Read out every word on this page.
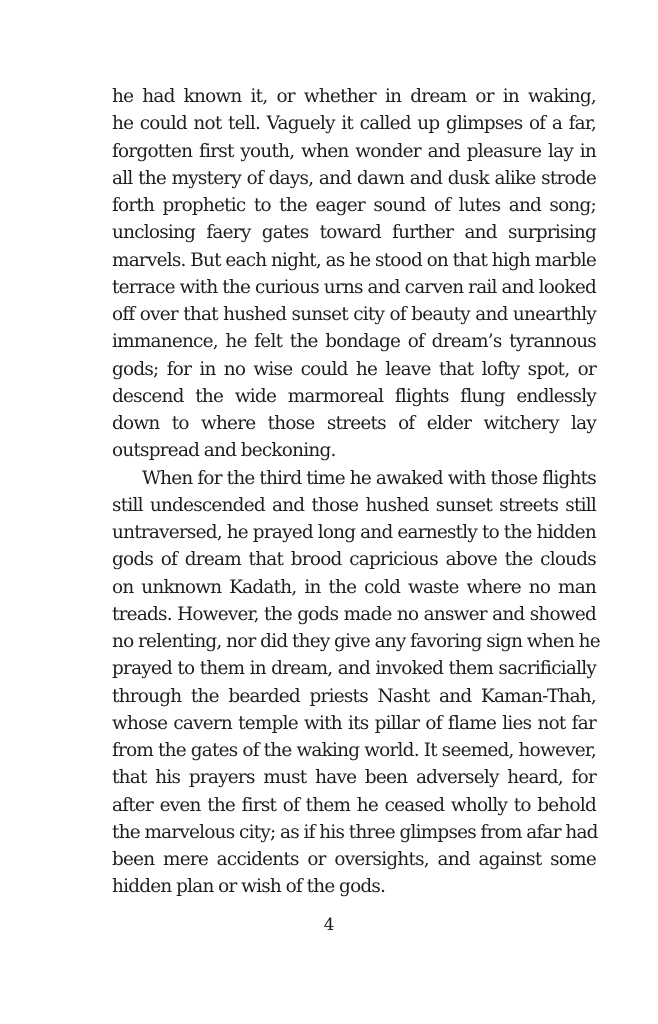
he had known it, or whether in dream or in waking,
he could not tell. Vaguely it called up glimpses of a far,
forgotten first youth, when wonder and pleasure lay in
all the mystery of days, and dawn and dusk alike strode
forth prophetic to the eager sound of lutes and song;
unclosing faery gates toward further and surprising
marvels. But each night, as he stood on that high marble
terrace with the curious urns and carven rail and looked
off over that hushed sunset city of beauty and unearthly
immanence, he felt the bondage of dream’s tyrannous
gods; for in no wise could he leave that lofty spot, or
descend the wide marmoreal flights flung endlessly
down to where those streets of elder witchery lay
outspread and beckoning.
When for the third time he awaked with those flights
still undescended and those hushed sunset streets still
untraversed, he prayed long and earnestly to the hidden
gods of dream that brood capricious above the clouds
on unknown Kadath, in the cold waste where no man
treads. However, the gods made no answer and showed
no relenting, nor did they give any favoring sign when he
prayed to them in dream, and invoked them sacrificially
through the bearded priests Nasht and Kaman-Thah,
whose cavern temple with its pillar of flame lies not far
from the gates of the waking world. It seemed, however,
that his prayers must have been adversely heard, for
after even the first of them he ceased wholly to behold
the marvelous city; as if his three glimpses from afar had
been mere accidents or oversights, and against some
hidden plan or wish of the gods.
4
